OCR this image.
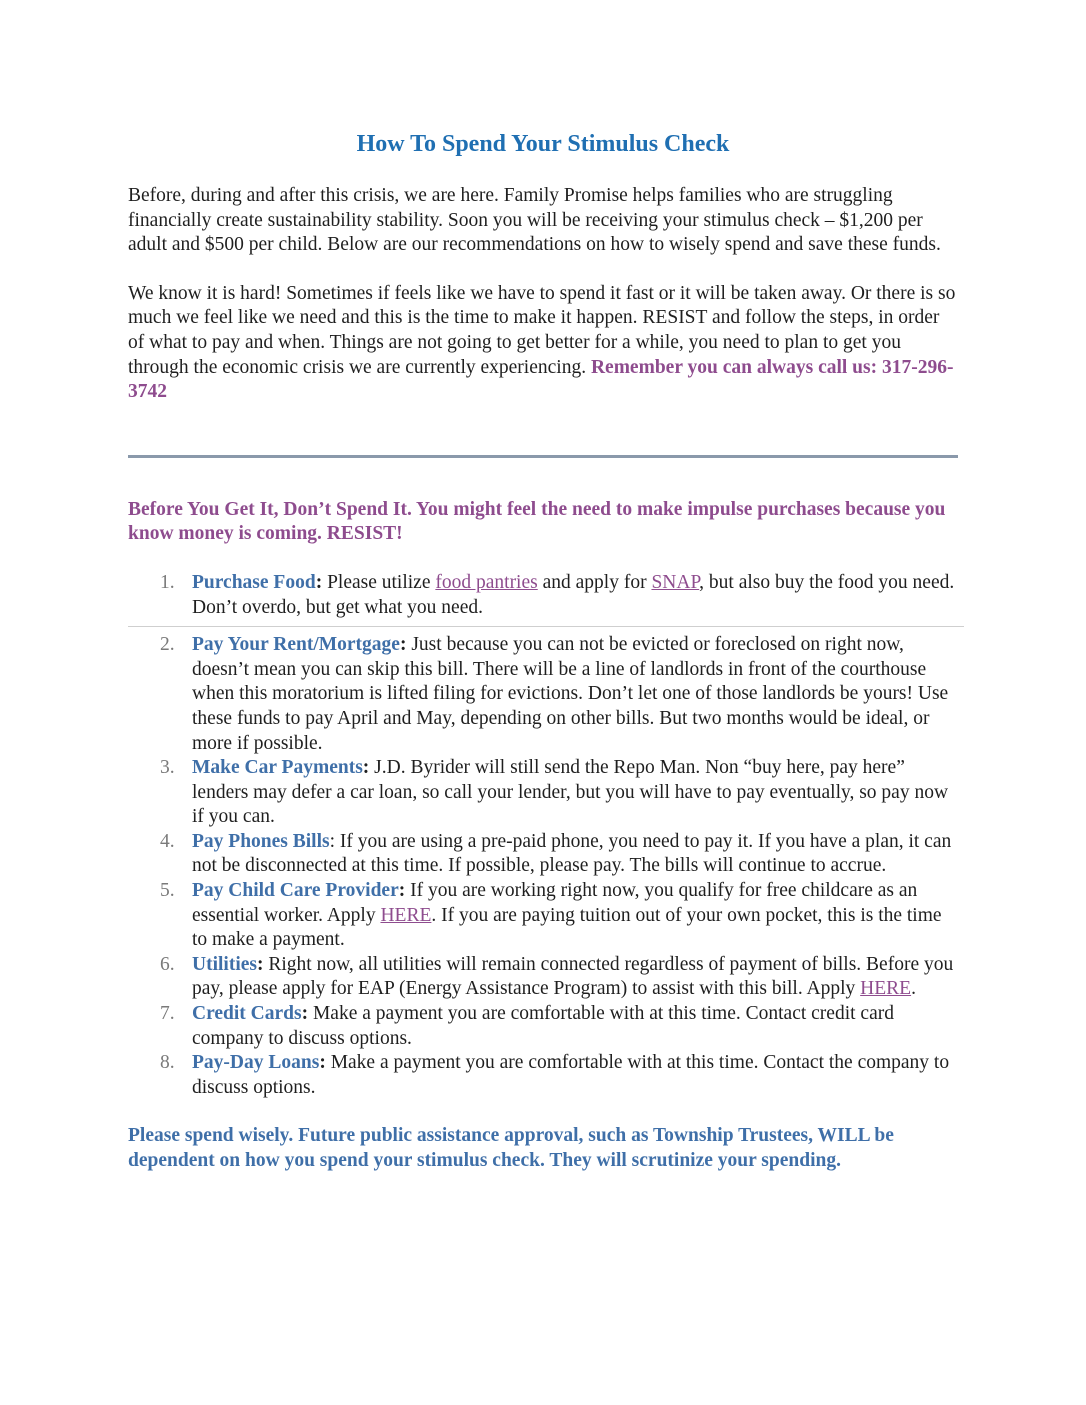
How To Spend Your Stimulus Check

Before, during and after this crisis, we are here. Family Promise helps families who are struggling financially create sustainability stability. Soon you will be receiving your stimulus check – $1,200 per adult and $500 per child. Below are our recommendations on how to wisely spend and save these funds.

We know it is hard! Sometimes if feels like we have to spend it fast or it will be taken away. Or there is so much we feel like we need and this is the time to make it happen. RESIST and follow the steps, in order of what to pay and when. Things are not going to get better for a while, you need to plan to get you through the economic crisis we are currently experiencing. Remember you can always call us: 317-296-3742

Before You Get It, Don’t Spend It. You might feel the need to make impulse purchases because you know money is coming. RESIST!

1. Purchase Food: Please utilize food pantries and apply for SNAP, but also buy the food you need. Don’t overdo, but get what you need.
2. Pay Your Rent/Mortgage: Just because you can not be evicted or foreclosed on right now, doesn’t mean you can skip this bill. There will be a line of landlords in front of the courthouse when this moratorium is lifted filing for evictions. Don’t let one of those landlords be yours! Use these funds to pay April and May, depending on other bills. But two months would be ideal, or more if possible.
3. Make Car Payments: J.D. Byrider will still send the Repo Man. Non “buy here, pay here” lenders may defer a car loan, so call your lender, but you will have to pay eventually, so pay now if you can.
4. Pay Phones Bills: If you are using a pre-paid phone, you need to pay it. If you have a plan, it can not be disconnected at this time. If possible, please pay. The bills will continue to accrue.
5. Pay Child Care Provider: If you are working right now, you qualify for free childcare as an essential worker. Apply HERE. If you are paying tuition out of your own pocket, this is the time to make a payment.
6. Utilities: Right now, all utilities will remain connected regardless of payment of bills. Before you pay, please apply for EAP (Energy Assistance Program) to assist with this bill. Apply HERE.
7. Credit Cards: Make a payment you are comfortable with at this time. Contact credit card company to discuss options.
8. Pay-Day Loans: Make a payment you are comfortable with at this time. Contact the company to discuss options.

Please spend wisely. Future public assistance approval, such as Township Trustees, WILL be dependent on how you spend your stimulus check. They will scrutinize your spending.
